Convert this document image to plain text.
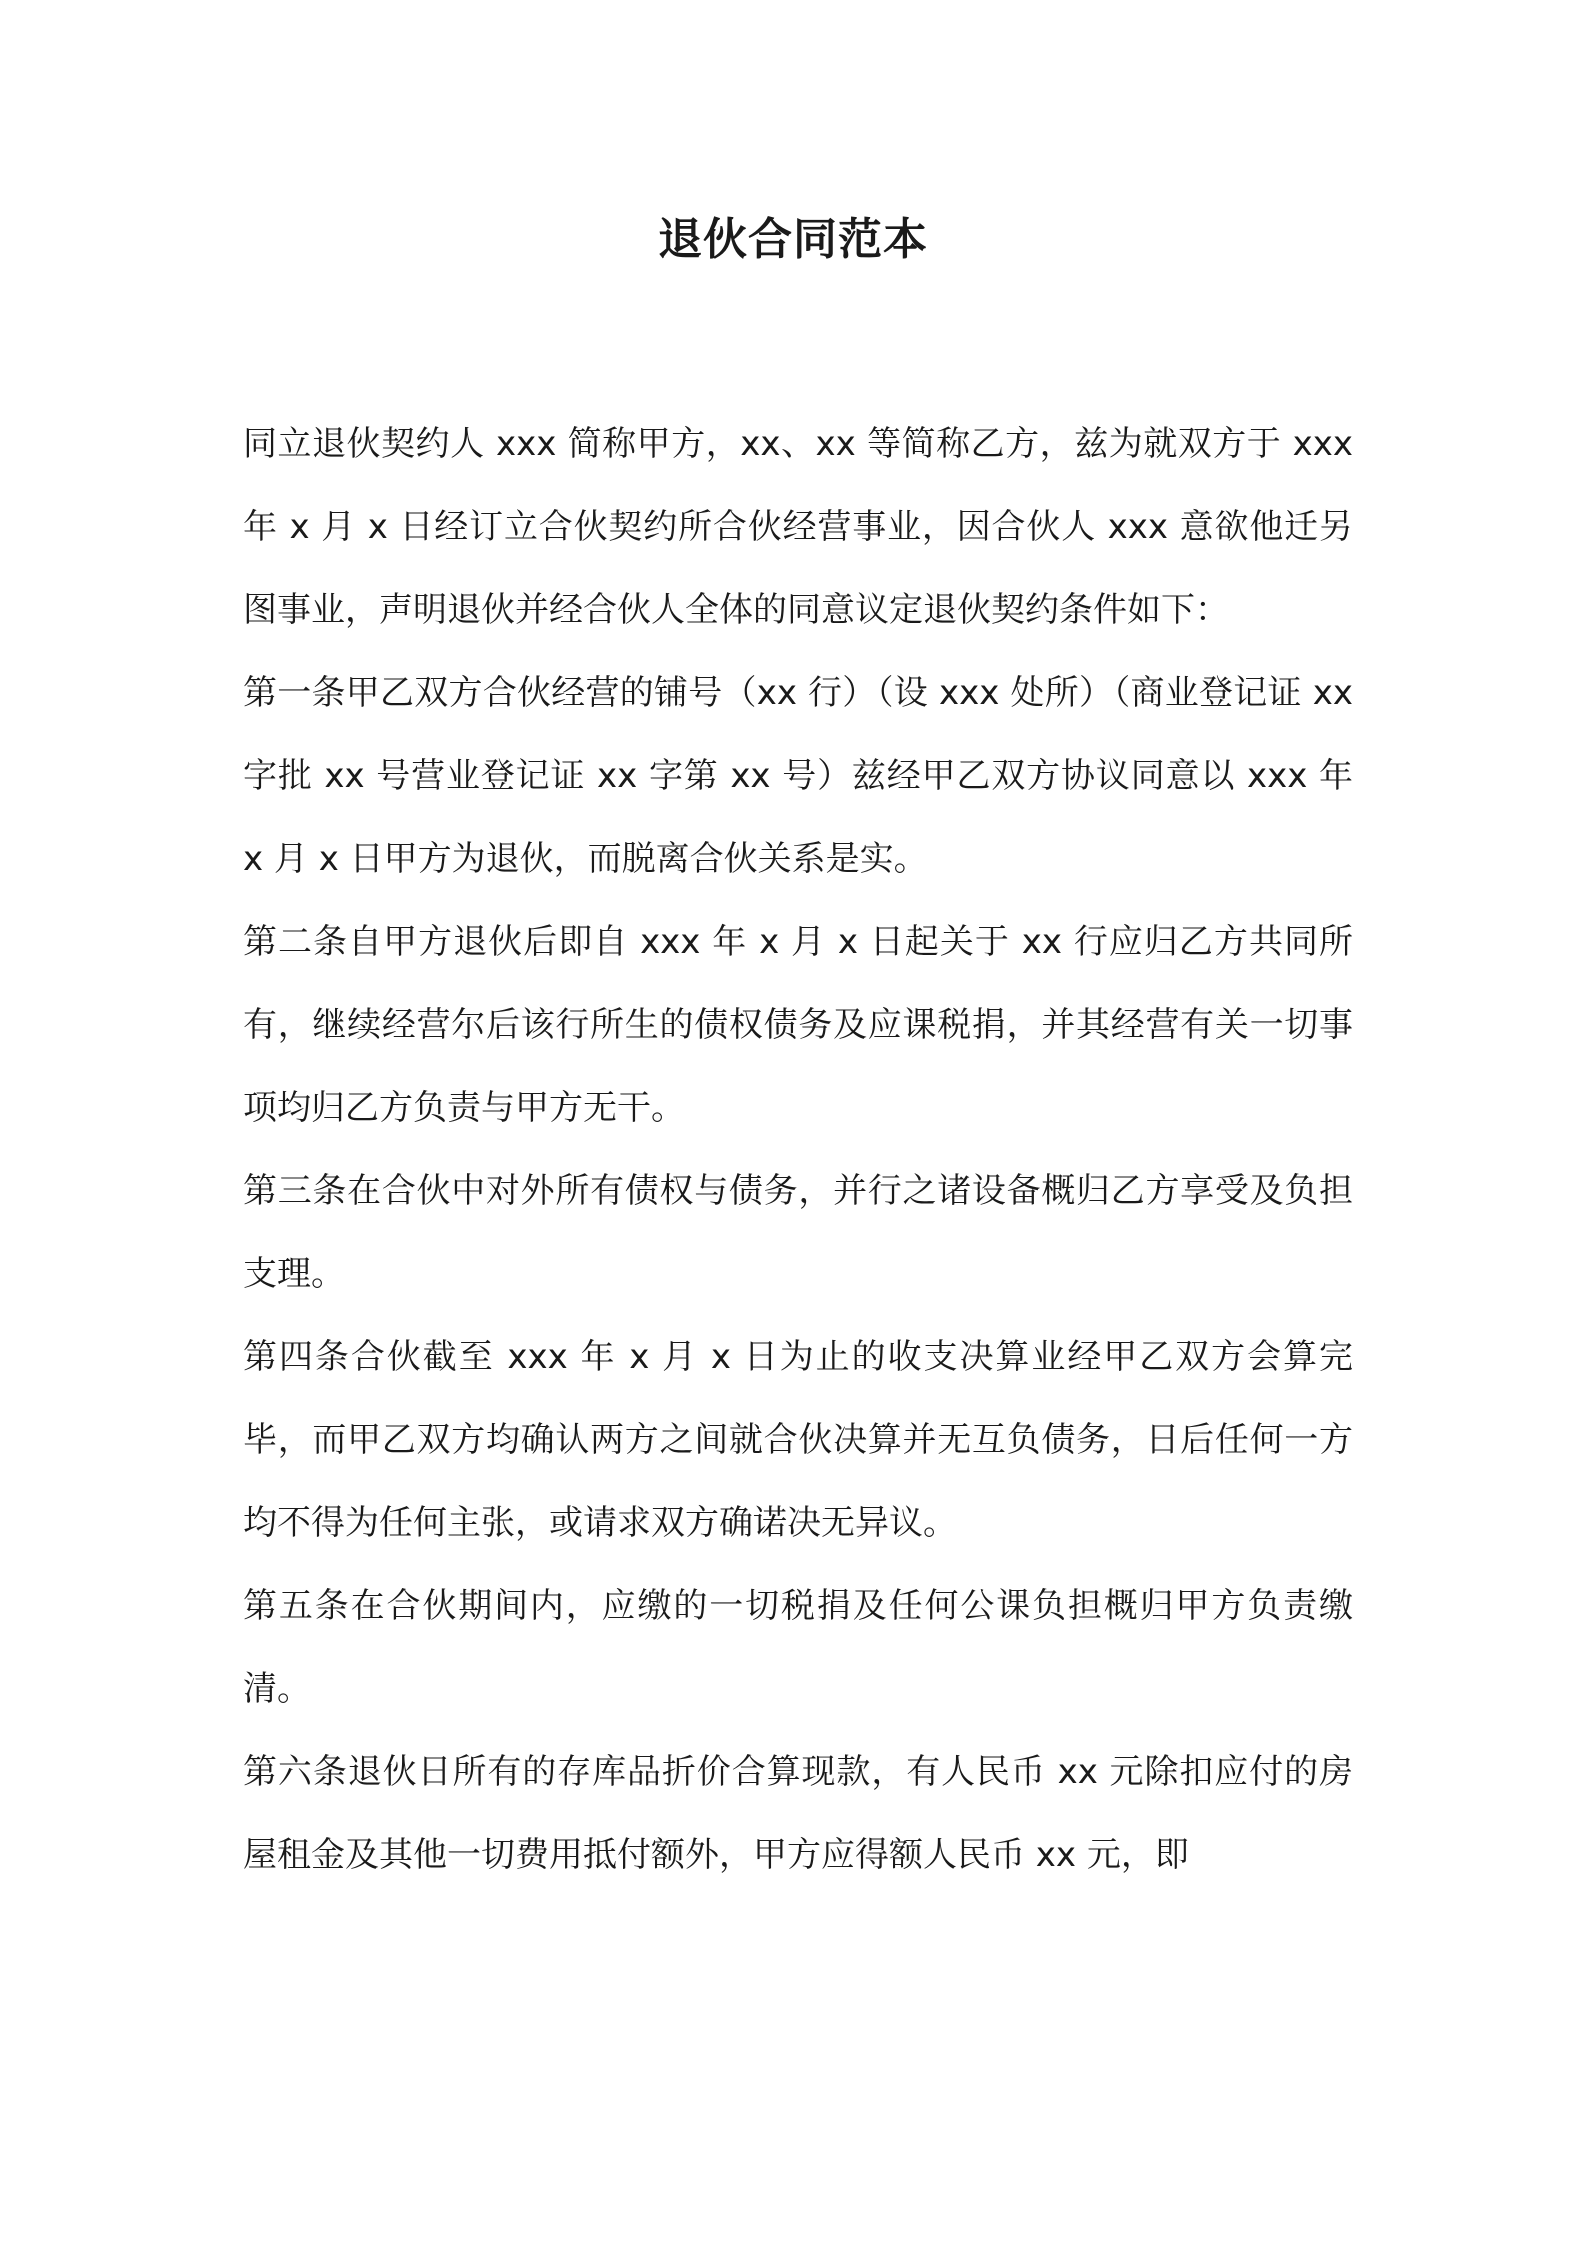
退伙合同范本

同立退伙契约人 xxx 简称甲方，xx、xx 等简称乙方，兹为就双方于 xxx 年 x 月 x 日经订立合伙契约所合伙经营事业，因合伙人 xxx 意欲他迁另图事业，声明退伙并经合伙人全体的同意议定退伙契约条件如下：

第一条甲乙双方合伙经营的铺号（xx 行）（设 xxx 处所）（商业登记证 xx 字批 xx 号营业登记证 xx 字第 xx 号）兹经甲乙双方协议同意以 xxx 年 x 月 x 日甲方为退伙，而脱离合伙关系是实。

第二条自甲方退伙后即自 xxx 年 x 月 x 日起关于 xx 行应归乙方共同所有，继续经营尔后该行所生的债权债务及应课税捐，并其经营有关一切事项均归乙方负责与甲方无干。

第三条在合伙中对外所有债权与债务，并行之诸设备概归乙方享受及负担支理。

第四条合伙截至 xxx 年 x 月 x 日为止的收支决算业经甲乙双方会算完毕，而甲乙双方均确认两方之间就合伙决算并无互负债务，日后任何一方均不得为任何主张，或请求双方确诺决无异议。

第五条在合伙期间内，应缴的一切税捐及任何公课负担概归甲方负责缴清。

第六条退伙日所有的存库品折价合算现款，有人民币 xx 元除扣应付的房屋租金及其他一切费用抵付额外，甲方应得额人民币 xx 元，即
